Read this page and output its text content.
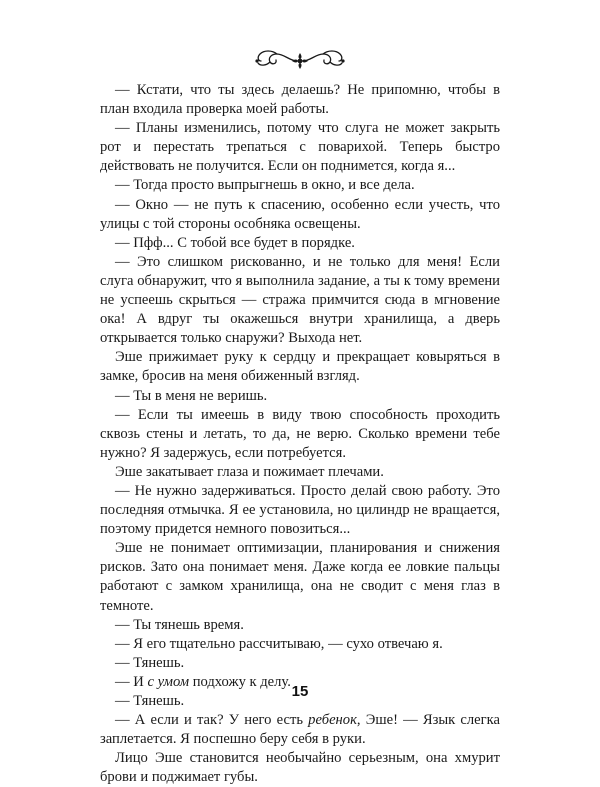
— Кстати, что ты здесь делаешь? Не припомню, чтобы в план входила проверка моей работы.

— Планы изменились, потому что слуга не может закрыть рот и перестать трепаться с поварихой. Теперь быстро действовать не получится. Если он поднимется, когда я...

— Тогда просто выпрыгнешь в окно, и все дела.

— Окно — не путь к спасению, особенно если учесть, что улицы с той стороны особняка освещены.

— Пфф... С тобой все будет в порядке.

— Это слишком рискованно, и не только для меня! Если слуга обнаружит, что я выполнила задание, а ты к тому времени не успеешь скрыться — стража примчится сюда в мгновение ока! А вдруг ты окажешься внутри хранилища, а дверь открывается только снаружи? Выхода нет.

Эше прижимает руку к сердцу и прекращает ковыряться в замке, бросив на меня обиженный взгляд.

— Ты в меня не веришь.

— Если ты имеешь в виду твою способность проходить сквозь стены и летать, то да, не верю. Сколько времени тебе нужно? Я задержусь, если потребуется.

Эше закатывает глаза и пожимает плечами.

— Не нужно задерживаться. Просто делай свою работу. Это последняя отмычка. Я ее установила, но цилиндр не вращается, поэтому придется немного повозиться...

Эше не понимает оптимизации, планирования и снижения рисков. Зато она понимает меня. Даже когда ее ловкие пальцы работают с замком хранилища, она не сводит с меня глаз в темноте.

— Ты тянешь время.

— Я его тщательно рассчитываю, — сухо отвечаю я.

— Тянешь.

— И с умом подхожу к делу.

— Тянешь.

— А если и так? У него есть ребенок, Эше! — Язык слегка заплетается. Я поспешно беру себя в руки.

Лицо Эше становится необычайно серьезным, она хмурит брови и поджимает губы.

15
